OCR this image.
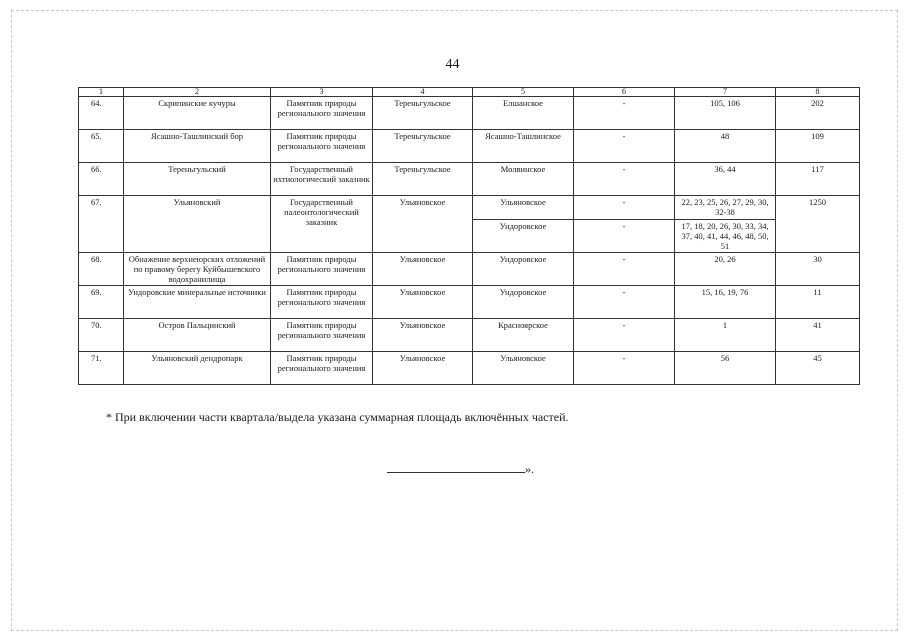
44
1	2	3	4	5	6	7	8
64.	Скрипинские кучуры	Памятник природы регионального значения	Тереньгульское	Елшанское	-	105, 106	202
65.	Ясашно-Ташлинский бор	Памятник природы регионального значения	Тереньгульское	Ясашно-Ташлинское	-	48	109
66.	Тереньгульский	Государственный ихтиологический заказник	Тереньгульское	Молвинское	-	36, 44	117
67.	Ульяновский	Государственный палеонтологический заказник	Ульяновское	Ульяновское	-	22, 23, 25, 26, 27, 29, 30, 32-38	1250
				Ундоровское	-	17, 18, 20, 26, 30, 33, 34, 37, 40, 41, 44, 46, 48, 50, 51	
68.	Обнажение верхнеюрских отложений по правому берегу Куйбышевского водохранилища	Памятник природы регионального значения	Ульяновское	Ундоровское	-	20, 26	30
69.	Ундоровские минеральные источники	Памятник природы регионального значения	Ульяновское	Ундоровское	-	15, 16, 19, 76	11
70.	Остров Пальцинский	Памятник природы регионального значения	Ульяновское	Красноярское	-	1	41
71.	Ульяновский дендропарк	Памятник природы регионального значения	Ульяновское	Ульяновское	-	56	45
* При включении части квартала/выдела указана суммарная площадь включённых частей.
».
